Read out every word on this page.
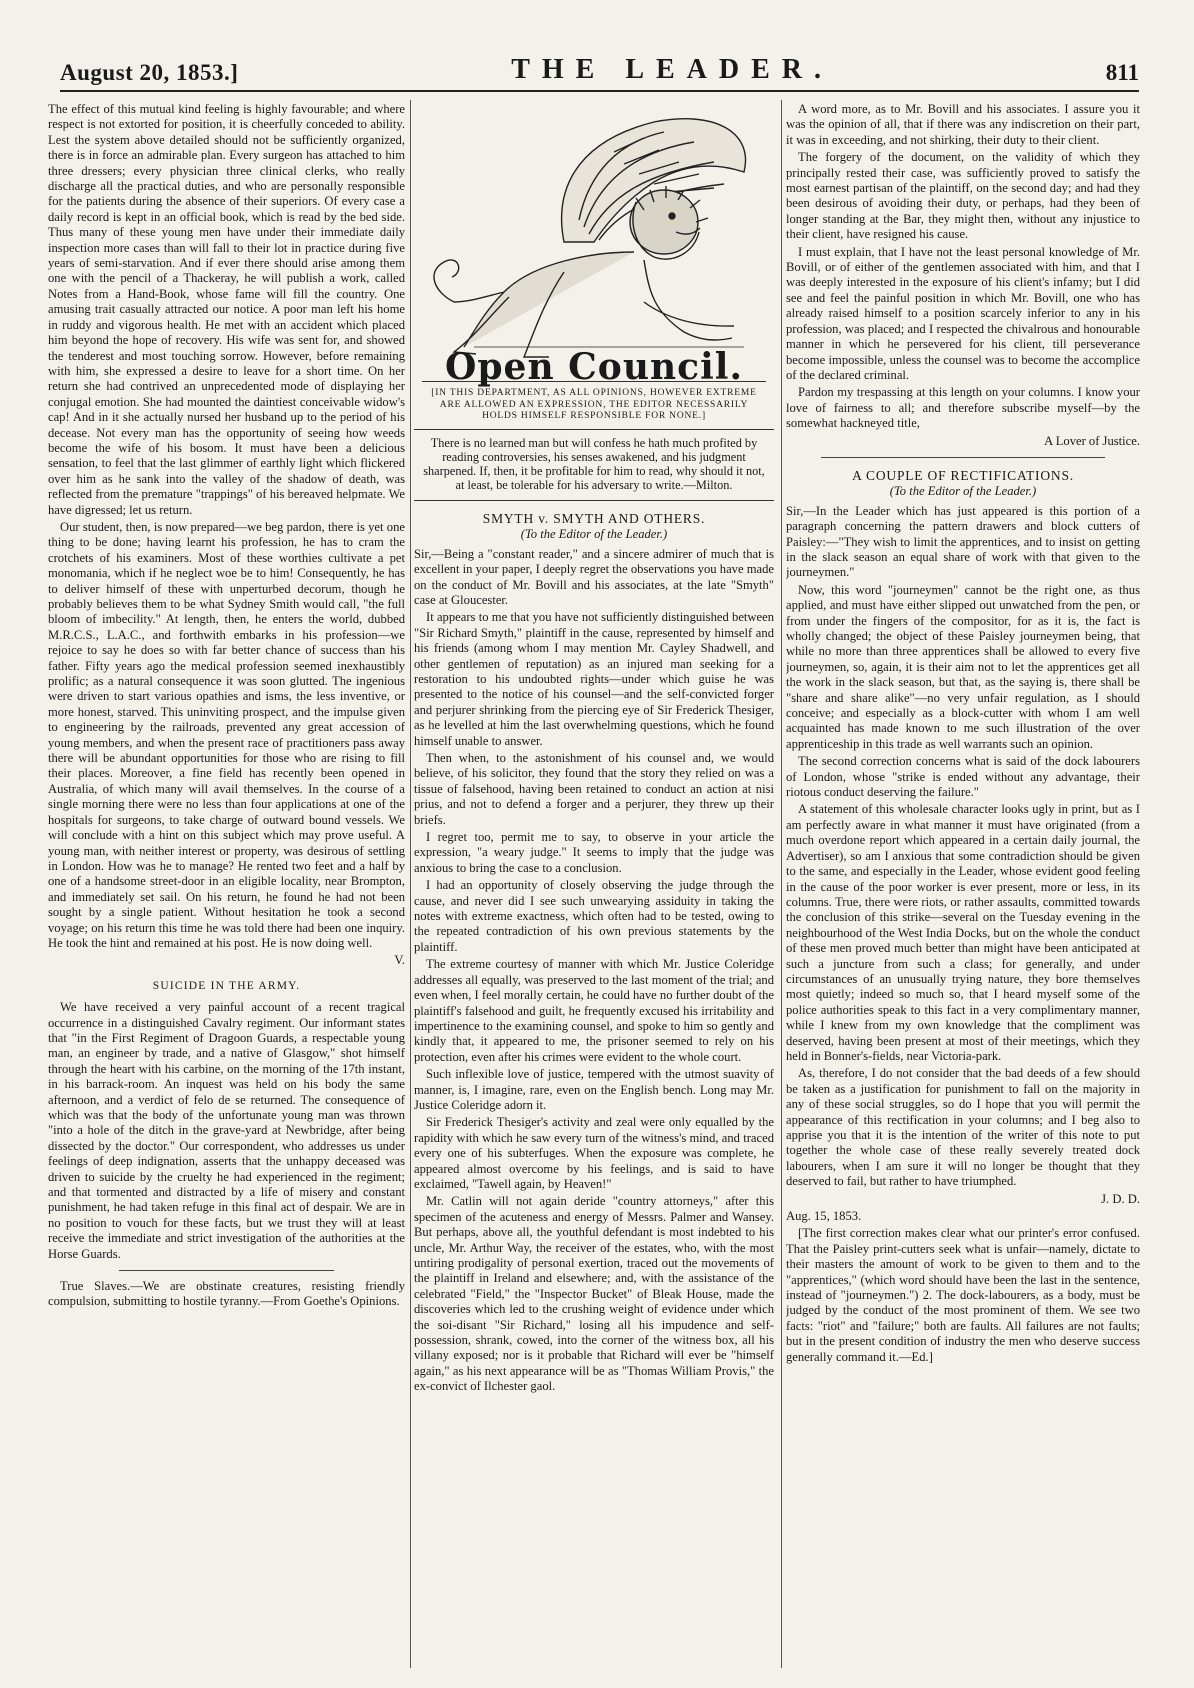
August 20, 1853.]	THE LEADER.	811

The effect of this mutual kind feeling is highly favourable; and where respect is not extorted for position, it is cheerfully conceded to ability. Lest the system above detailed should not be sufficiently organized, there is in force an admirable plan. Every surgeon has attached to him three dressers; every physician three clinical clerks, who really discharge all the practical duties, and who are personally responsible for the patients during the absence of their superiors. Of every case a daily record is kept in an official book, which is read by the bed side. Thus many of these young men have under their immediate daily inspection more cases than will fall to their lot in practice during five years of semi-starvation. And if ever there should arise among them one with the pencil of a Thackeray, he will publish a work, called Notes from a Hand-Book, whose fame will fill the country. One amusing trait casually attracted our notice. A poor man left his home in ruddy and vigorous health. He met with an accident which placed him beyond the hope of recovery. His wife was sent for, and showed the tenderest and most touching sorrow. However, before remaining with him, she expressed a desire to leave for a short time. On her return she had contrived an unprecedented mode of displaying her conjugal emotion. She had mounted the daintiest conceivable widow's cap! And in it she actually nursed her husband up to the period of his decease. Not every man has the opportunity of seeing how weeds become the wife of his bosom. It must have been a delicious sensation, to feel that the last glimmer of earthly light which flickered over him as he sank into the valley of the shadow of death, was reflected from the premature "trappings" of his bereaved helpmate. We have digressed; let us return.

Our student, then, is now prepared—we beg pardon, there is yet one thing to be done; having learnt his profession, he has to cram the crotchets of his examiners. Most of these worthies cultivate a pet monomania, which if he neglect woe be to him! Consequently, he has to deliver himself of these with unperturbed decorum, though he probably believes them to be what Sydney Smith would call, "the full bloom of imbecility." At length, then, he enters the world, dubbed M.R.C.S., L.A.C., and forthwith embarks in his profession—we rejoice to say he does so with far better chance of success than his father. Fifty years ago the medical profession seemed inexhaustibly prolific; as a natural consequence it was soon glutted. The ingenious were driven to start various opathies and isms, the less inventive, or more honest, starved. This uninviting prospect, and the impulse given to engineering by the railroads, prevented any great accession of young members, and when the present race of practitioners pass away there will be abundant opportunities for those who are rising to fill their places. Moreover, a fine field has recently been opened in Australia, of which many will avail themselves. In the course of a single morning there were no less than four applications at one of the hospitals for surgeons, to take charge of outward bound vessels. We will conclude with a hint on this subject which may prove useful. A young man, with neither interest or property, was desirous of settling in London. How was he to manage? He rented two feet and a half by one of a handsome street-door in an eligible locality, near Brompton, and immediately set sail. On his return, he found he had not been sought by a single patient. Without hesitation he took a second voyage; on his return this time he was told there had been one inquiry. He took the hint and remained at his post. He is now doing well.

V.

SUICIDE IN THE ARMY.

We have received a very painful account of a recent tragical occurrence in a distinguished Cavalry regiment. Our informant states that "in the First Regiment of Dragoon Guards, a respectable young man, an engineer by trade, and a native of Glasgow," shot himself through the heart with his carbine, on the morning of the 17th instant, in his barrack-room. An inquest was held on his body the same afternoon, and a verdict of felo de se returned. The consequence of which was that the body of the unfortunate young man was thrown "into a hole of the ditch in the grave-yard at Newbridge, after being dissected by the doctor." Our correspondent, who addresses us under feelings of deep indignation, asserts that the unhappy deceased was driven to suicide by the cruelty he had experienced in the regiment; and that tormented and distracted by a life of misery and constant punishment, he had taken refuge in this final act of despair. We are in no position to vouch for these facts, but we trust they will at least receive the immediate and strict investigation of the authorities at the Horse Guards.

True Slaves.—We are obstinate creatures, resisting friendly compulsion, submitting to hostile tyranny.—From Goethe's Opinions.

Open Council.
[IN THIS DEPARTMENT, AS ALL OPINIONS, HOWEVER EXTREME ARE ALLOWED AN EXPRESSION, THE EDITOR NECESSARILY HOLDS HIMSELF RESPONSIBLE FOR NONE.]
There is no learned man but will confess he hath much profited by reading controversies, his senses awakened, and his judgment sharpened. If, then, it be profitable for him to read, why should it not, at least, be tolerable for his adversary to write.—Milton.
SMYTH v. SMYTH AND OTHERS.
(To the Editor of the Leader.)

Sir,—Being a "constant reader," and a sincere admirer of much that is excellent in your paper, I deeply regret the observations you have made on the conduct of Mr. Bovill and his associates, at the late "Smyth" case at Gloucester.

It appears to me that you have not sufficiently distinguished between "Sir Richard Smyth," plaintiff in the cause, represented by himself and his friends (among whom I may mention Mr. Cayley Shadwell, and other gentlemen of reputation) as an injured man seeking for a restoration to his undoubted rights—under which guise he was presented to the notice of his counsel—and the self-convicted forger and perjurer shrinking from the piercing eye of Sir Frederick Thesiger, as he levelled at him the last overwhelming questions, which he found himself unable to answer.

Then when, to the astonishment of his counsel and, we would believe, of his solicitor, they found that the story they relied on was a tissue of falsehood, having been retained to conduct an action at nisi prius, and not to defend a forger and a perjurer, they threw up their briefs.

I regret too, permit me to say, to observe in your article the expression, "a weary judge." It seems to imply that the judge was anxious to bring the case to a conclusion.

I had an opportunity of closely observing the judge through the cause, and never did I see such unwearying assiduity in taking the notes with extreme exactness, which often had to be tested, owing to the repeated contradiction of his own previous statements by the plaintiff.

The extreme courtesy of manner with which Mr. Justice Coleridge addresses all equally, was preserved to the last moment of the trial; and even when, I feel morally certain, he could have no further doubt of the plaintiff's falsehood and guilt, he frequently excused his irritability and impertinence to the examining counsel, and spoke to him so gently and kindly that, it appeared to me, the prisoner seemed to rely on his protection, even after his crimes were evident to the whole court.

Such inflexible love of justice, tempered with the utmost suavity of manner, is, I imagine, rare, even on the English bench. Long may Mr. Justice Coleridge adorn it.

Sir Frederick Thesiger's activity and zeal were only equalled by the rapidity with which he saw every turn of the witness's mind, and traced every one of his subterfuges. When the exposure was complete, he appeared almost overcome by his feelings, and is said to have exclaimed, "Tawell again, by Heaven!"

Mr. Catlin will not again deride "country attorneys," after this specimen of the acuteness and energy of Messrs. Palmer and Wansey. But perhaps, above all, the youthful defendant is most indebted to his uncle, Mr. Arthur Way, the receiver of the estates, who, with the most untiring prodigality of personal exertion, traced out the movements of the plaintiff in Ireland and elsewhere; and, with the assistance of the celebrated "Field," the "Inspector Bucket" of Bleak House, made the discoveries which led to the crushing weight of evidence under which the soi-disant "Sir Richard," losing all his impudence and self-possession, shrank, cowed, into the corner of the witness box, all his villany exposed; nor is it probable that Richard will ever be "himself again," as his next appearance will be as "Thomas William Provis," the ex-convict of Ilchester gaol.

A word more, as to Mr. Bovill and his associates. I assure you it was the opinion of all, that if there was any indiscretion on their part, it was in exceeding, and not shirking, their duty to their client.

The forgery of the document, on the validity of which they principally rested their case, was sufficiently proved to satisfy the most earnest partisan of the plaintiff, on the second day; and had they been desirous of avoiding their duty, or perhaps, had they been of longer standing at the Bar, they might then, without any injustice to their client, have resigned his cause.

I must explain, that I have not the least personal knowledge of Mr. Bovill, or of either of the gentlemen associated with him, and that I was deeply interested in the exposure of his client's infamy; but I did see and feel the painful position in which Mr. Bovill, one who has already raised himself to a position scarcely inferior to any in his profession, was placed; and I respected the chivalrous and honourable manner in which he persevered for his client, till perseverance become impossible, unless the counsel was to become the accomplice of the declared criminal.

Pardon my trespassing at this length on your columns. I know your love of fairness to all; and therefore subscribe myself—by the somewhat hackneyed title,

A Lover of Justice.

A COUPLE OF RECTIFICATIONS.
(To the Editor of the Leader.)

Sir,—In the Leader which has just appeared is this portion of a paragraph concerning the pattern drawers and block cutters of Paisley:—"They wish to limit the apprentices, and to insist on getting in the slack season an equal share of work with that given to the journeymen."

Now, this word "journeymen" cannot be the right one, as thus applied, and must have either slipped out unwatched from the pen, or from under the fingers of the compositor, for as it is, the fact is wholly changed; the object of these Paisley journeymen being, that while no more than three apprentices shall be allowed to every five journeymen, so, again, it is their aim not to let the apprentices get all the work in the slack season, but that, as the saying is, there shall be "share and share alike"—no very unfair regulation, as I should conceive; and especially as a block-cutter with whom I am well acquainted has made known to me such illustration of the over apprenticeship in this trade as well warrants such an opinion.

The second correction concerns what is said of the dock labourers of London, whose "strike is ended without any advantage, their riotous conduct deserving the failure."

A statement of this wholesale character looks ugly in print, but as I am perfectly aware in what manner it must have originated (from a much overdone report which appeared in a certain daily journal, the Advertiser), so am I anxious that some contradiction should be given to the same, and especially in the Leader, whose evident good feeling in the cause of the poor worker is ever present, more or less, in its columns. True, there were riots, or rather assaults, committed towards the conclusion of this strike—several on the Tuesday evening in the neighbourhood of the West India Docks, but on the whole the conduct of these men proved much better than might have been anticipated at such a juncture from such a class; for generally, and under circumstances of an unusually trying nature, they bore themselves most quietly; indeed so much so, that I heard myself some of the police authorities speak to this fact in a very complimentary manner, while I knew from my own knowledge that the compliment was deserved, having been present at most of their meetings, which they held in Bonner's-fields, near Victoria-park.

As, therefore, I do not consider that the bad deeds of a few should be taken as a justification for punishment to fall on the majority in any of these social struggles, so do I hope that you will permit the appearance of this rectification in your columns; and I beg also to apprise you that it is the intention of the writer of this note to put together the whole case of these really severely treated dock labourers, when I am sure it will no longer be thought that they deserved to fail, but rather to have triumphed.

J. D. D.

Aug. 15, 1853.

[The first correction makes clear what our printer's error confused. That the Paisley print-cutters seek what is unfair—namely, dictate to their masters the amount of work to be given to them and to the "apprentices," (which word should have been the last in the sentence, instead of "journeymen.") 2. The dock-labourers, as a body, must be judged by the conduct of the most prominent of them. We see two facts: "riot" and "failure;" both are faults. All failures are not faults; but in the present condition of industry the men who deserve success generally command it.—Ed.]
